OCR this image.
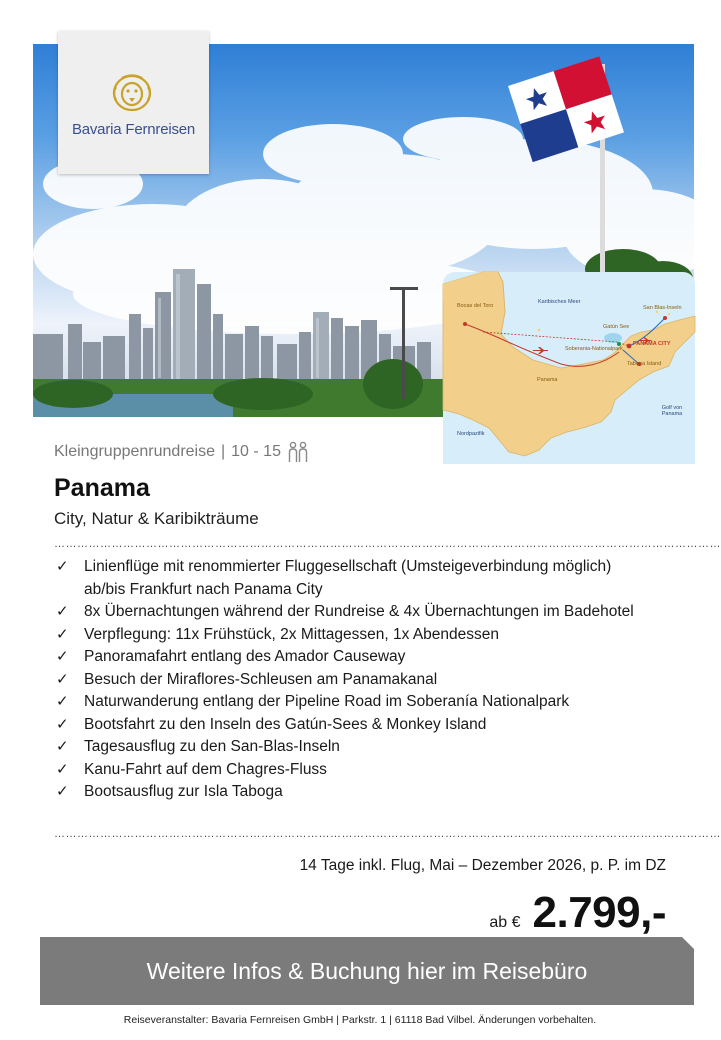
Bavaria Fernreisen
Karibisches Meer
Bocas del Toro
Gatún See
Soberania-Nationalpark
PANAMA CITY
San Blas-Inseln
Taboga Island
Panama
Golf von Panama
Nordpazifik
Kleingruppenrundreise | 10 - 15
Panama
City, Natur & Karibikträume
…………………………………………………………………………………………………………………………………………………………
✓ Linienflüge mit renommierter Fluggesellschaft (Umsteigeverbindung möglich) ab/bis Frankfurt nach Panama City
✓ 8x Übernachtungen während der Rundreise & 4x Übernachtungen im Badehotel
✓ Verpflegung: 11x Frühstück, 2x Mittagessen, 1x Abendessen
✓ Panoramafahrt entlang des Amador Causeway
✓ Besuch der Miraflores-Schleusen am Panamakanal
✓ Naturwanderung entlang der Pipeline Road im Soberanía Nationalpark
✓ Bootsfahrt zu den Inseln des Gatún-Sees & Monkey Island
✓ Tagesausflug zu den San-Blas-Inseln
✓ Kanu-Fahrt auf dem Chagres-Fluss
✓ Bootsausflug zur Isla Taboga
…………………………………………………………………………………………………………………………………………………………
14 Tage inkl. Flug, Mai – Dezember 2026, p. P. im DZ
ab € 2.799,-
Weitere Infos & Buchung hier im Reisebüro
Reiseveranstalter: Bavaria Fernreisen GmbH | Parkstr. 1 | 61118 Bad Vilbel. Änderungen vorbehalten.
